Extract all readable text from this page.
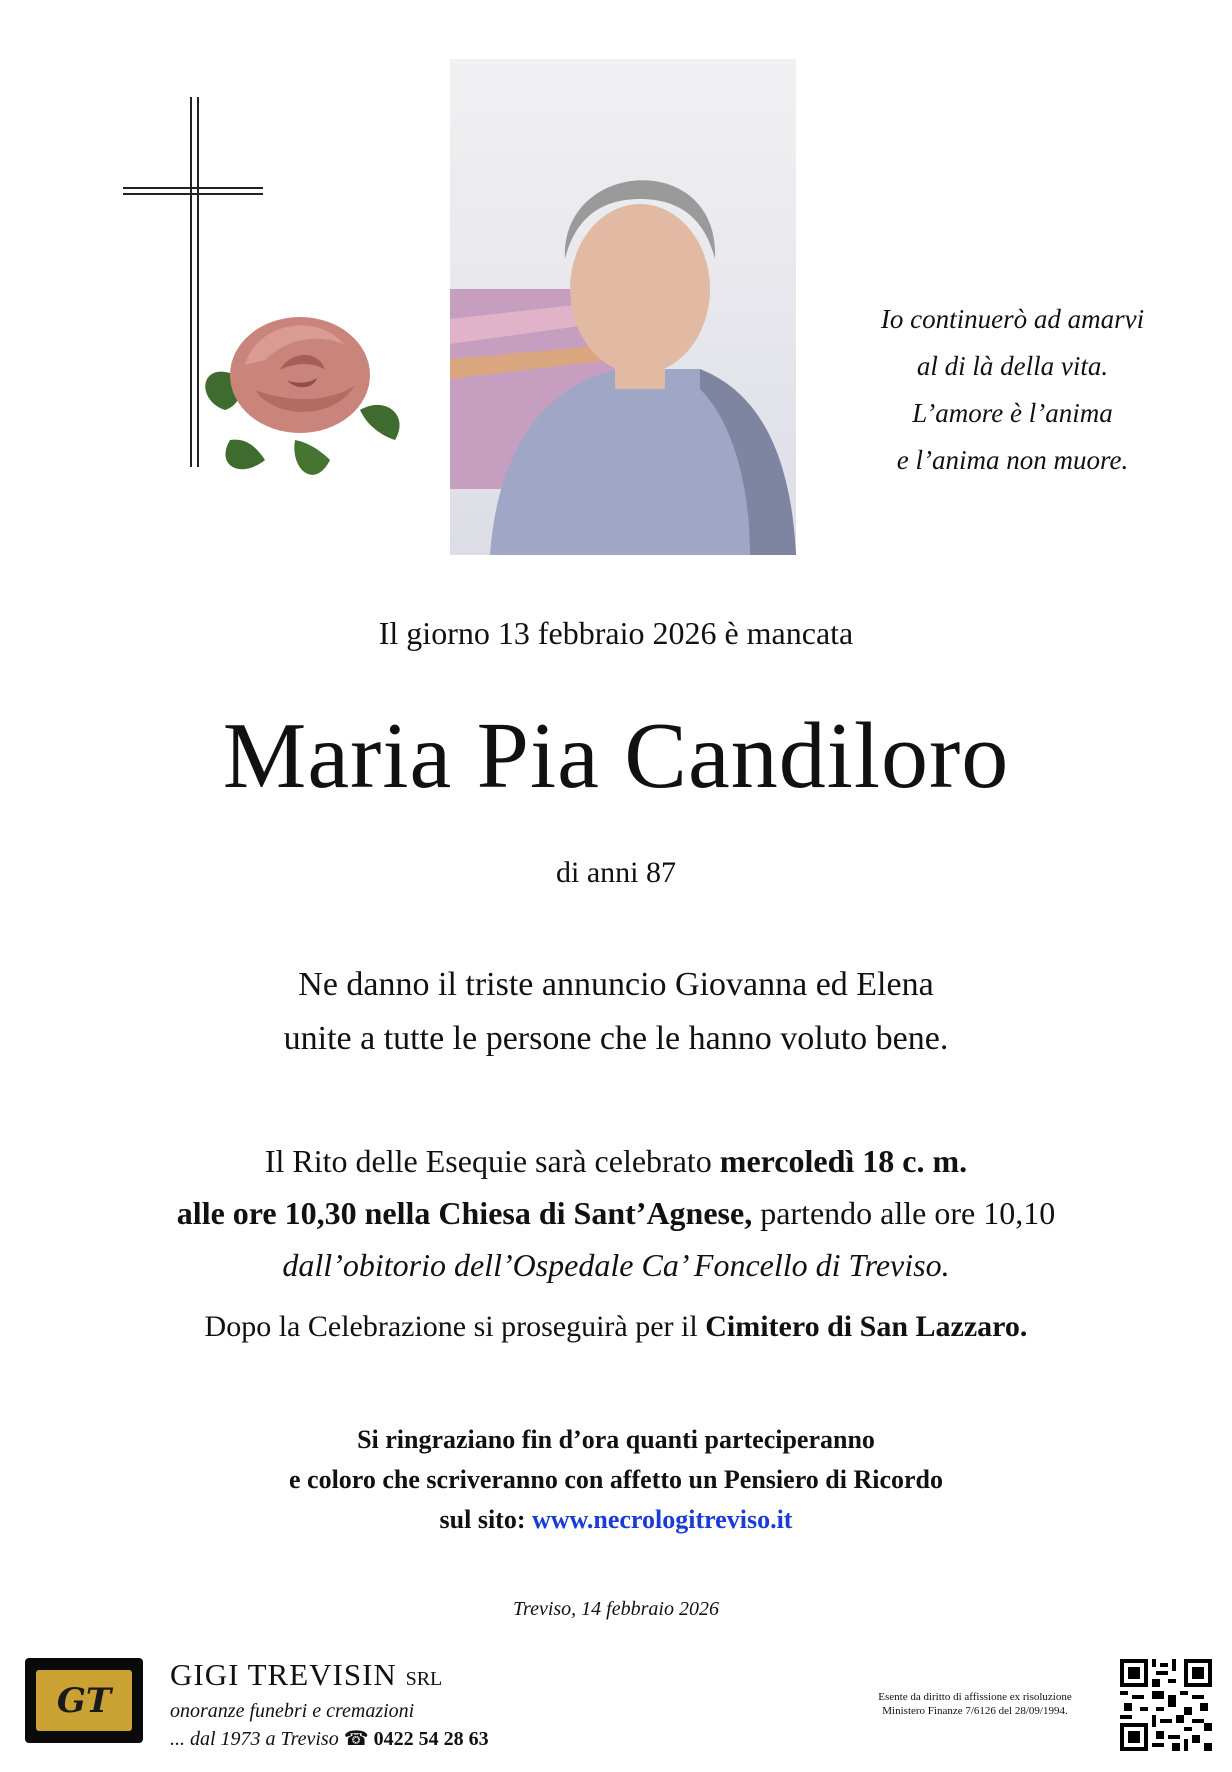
Io continuerò ad amarvi
al di là della vita.
L’amore è l’anima
e l’anima non muore.
Il giorno 13 febbraio 2026 è mancata
Maria Pia Candiloro
di anni 87
Ne danno il triste annuncio Giovanna ed Elena
unite a tutte le persone che le hanno voluto bene.
Il Rito delle Esequie sarà celebrato mercoledì 18 c. m.
alle ore 10,30 nella Chiesa di Sant’Agnese, partendo alle ore 10,10
dall’obitorio dell’Ospedale Ca’ Foncello di Treviso.
Dopo la Celebrazione si proseguirà per il Cimitero di San Lazzaro.
Si ringraziano fin d’ora quanti parteciperanno
e coloro che scriveranno con affetto un Pensiero di Ricordo
sul sito: www.necrologitreviso.it
Treviso, 14 febbraio 2026
GT
GIGI TREVISIN SRL
onoranze funebri e cremazioni
... dal 1973 a Treviso ☎ 0422 54 28 63
Esente da diritto di affissione ex risoluzione
Ministero Finanze 7/6126 del 28/09/1994.
